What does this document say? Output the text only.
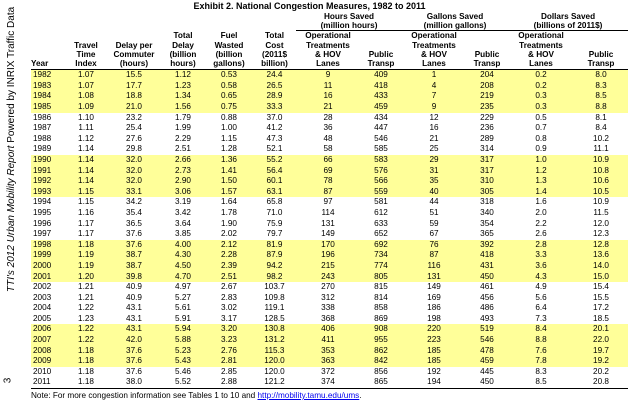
TTI's 2012 Urban Mobility Report Powered by INRIX Traffic Data
3
Exhibit 2. National Congestion Measures, 1982 to 2011
						Hours Saved
(million hours)		Gallons Saved
(million gallons)		Dollars Saved
(billions of 2011$)	
Year	Travel
Time
Index	Delay per
Commuter
(hours)	Total
Delay
(billion
hours)	Fuel
Wasted
(billion
gallons)	Total
Cost
(2011$
billion)	Operational
Treatments
& HOV
Lanes	Public
Transp	Operational
Treatments
& HOV
Lanes	Public
Transp	Operational
Treatments
& HOV
Lanes	Public
Transp
1982	1.07	15.5	1.12	0.53	24.4	9	409	1	204	0.2	8.0
1983	1.07	17.7	1.23	0.58	26.5	11	418	4	208	0.2	8.3
1984	1.08	18.8	1.34	0.65	28.9	16	433	7	219	0.3	8.5
1985	1.09	21.0	1.56	0.75	33.3	21	459	9	235	0.3	8.8
1986	1.10	23.2	1.79	0.88	37.0	28	434	12	229	0.5	8.1
1987	1.11	25.4	1.99	1.00	41.2	36	447	16	236	0.7	8.4
1988	1.12	27.6	2.29	1.15	47.3	48	546	21	289	0.8	10.2
1989	1.14	29.8	2.51	1.28	52.1	58	585	25	314	0.9	11.1
1990	1.14	32.0	2.66	1.36	55.2	66	583	29	317	1.0	10.9
1991	1.14	32.0	2.73	1.41	56.4	69	576	31	317	1.2	10.8
1992	1.14	32.0	2.90	1.50	60.1	78	566	35	310	1.3	10.6
1993	1.15	33.1	3.06	1.57	63.1	87	559	40	305	1.4	10.5
1994	1.15	34.2	3.19	1.64	65.8	97	581	44	318	1.6	10.9
1995	1.16	35.4	3.42	1.78	71.0	114	612	51	340	2.0	11.5
1996	1.17	36.5	3.64	1.90	75.9	131	633	59	354	2.2	12.0
1997	1.17	37.6	3.85	2.02	79.7	149	652	67	365	2.6	12.3
1998	1.18	37.6	4.00	2.12	81.9	170	692	76	392	2.8	12.8
1999	1.19	38.7	4.30	2.28	87.9	196	734	87	418	3.3	13.6
2000	1.19	38.7	4.50	2.39	94.2	215	774	116	431	3.6	14.0
2001	1.20	39.8	4.70	2.51	98.2	243	805	131	450	4.3	15.0
2002	1.21	40.9	4.97	2.67	103.7	270	815	149	461	4.9	15.4
2003	1.21	40.9	5.27	2.83	109.8	312	814	169	456	5.6	15.5
2004	1.22	43.1	5.61	3.02	119.1	338	858	186	486	6.4	17.2
2005	1.23	43.1	5.91	3.17	128.5	368	869	198	493	7.3	18.5
2006	1.22	43.1	5.94	3.20	130.8	406	908	220	519	8.4	20.1
2007	1.22	42.0	5.88	3.23	131.2	411	955	223	546	8.8	22.0
2008	1.18	37.6	5.23	2.76	115.3	353	862	185	478	7.6	19.7
2009	1.18	37.6	5.43	2.81	120.0	363	842	185	459	7.8	19.2
2010	1.18	37.6	5.46	2.85	120.0	372	856	192	445	8.3	20.2
2011	1.18	38.0	5.52	2.88	121.2	374	865	194	450	8.5	20.8
Note: For more congestion information see Tables 1 to 10 and http://mobility.tamu.edu/ums.
